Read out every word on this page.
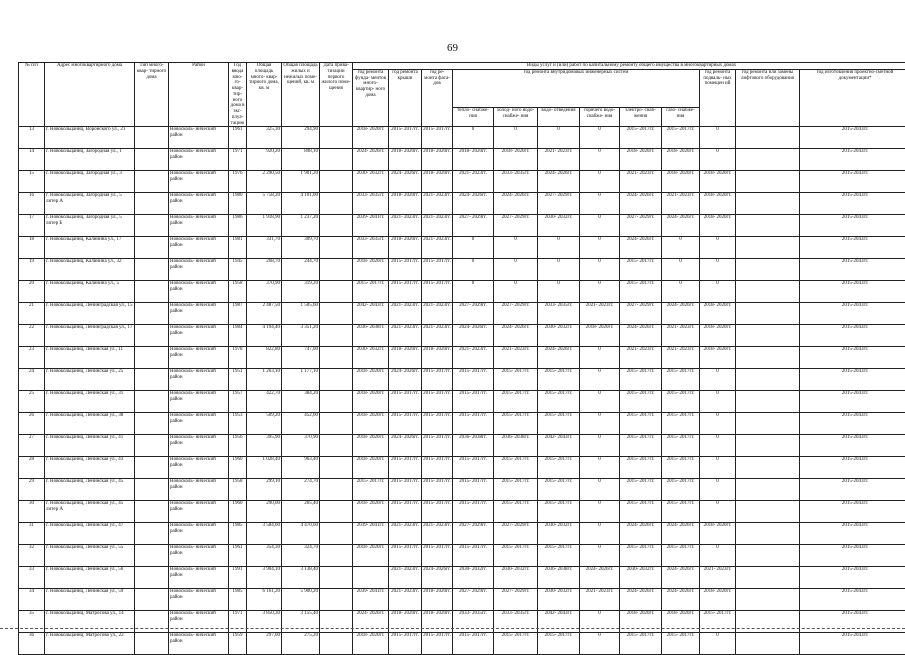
69
№ п/п	Адрес многоквартирного дома	Тип много- квар- тирного дома	Район	Год ввода мно- го- квар- тир- ного дома в экс- плуа- тацию	Общая площадь много- квар- тирного дома, кв. м	Общая площадь жилых и нежилых поме- щений, кв. м	Дата прива- тизации первого жилого поме- щения	Виды услуг и (или) работ по капитальному ремонту общего имущества в многоквартирных домах											
								год ремонта фунда- ментов много- квартир- ного дома	год ремонта крыши	год ре- монта фаса- дов	год ремонта внутридомовых инженерных систем						год ремонта подваль- ных помещен ий	год ремонта или замены лифтового оборудования	год изготовления проектно-сметной документации*
											тепло- снабже- ния	холод- ного водо- снабже- ния	водо- отведения	горячего водо- снабже- ния	электро- снаб- жения	газо- снабже- ния			
13	г. Новокольцаниц, Воронского ул., 21		Новосколь- нический район	1961	325,30	294,90		2018- 2020гг.	2015- 2017гг.	2015- 2017гг.	0	0	0	0	2015- 2017гг.	2015- 2017гг.	0		2015-2043гг.
14	г. Новокольцаниц, Загородная ул., 1		Новосколь- нический район	1971	920,20	898,10		2024- 2026гг.	2018- 2020гг.	2018- 2020гг.	2018- 2020гг.	2018- 2020гг.	2021- 2023гг.	0	2018- 2020гг.	2018- 2020гг.	0		2015-2043гг.
15	г. Новокольцаниц, Загородная ул., 3		Новосколь- нический район	1976	2 290,50	1 901,20		2030- 2032гг.	2024- 2026гг.	2018- 2020гг.	2021- 2023гг.	2033- 2035гг.	2024- 2026гг.	0	2021- 2023гг.	2018- 2020гг.	2018- 2020гг.		2015-2043гг.
16	г. Новокольцаниц, Загородная ул., 5 литер А		Новосколь- нический район	1980	5 758,20	4 101,00		2033- 2035гг.	2018- 2020гг.	2021- 2023гг.	2024- 2026гг.	2024- 2026гг.	2027- 2029гг.	0	2024- 2026гг.	2021- 2023гг.	2018- 2020гг.		2015-2043гг.
17	г. Новокольцаниц, Загородная ул., 5 литер Б		Новосколь- нический район	1986	1 918,90	1 237,20		2039- 2041гг.	2021- 2023гг.	2021- 2023гг.	2027- 2029гг.	2027- 2029гг.	2030- 2032гг.	0	2027- 2029гг.	2024- 2026гг.	2018- 2020гг.		2015-2043гг.
18	г. Новокольцаниц, Калинина ул., 17		Новосколь- нический район	1981	331,70	309,70		2033- 2035гг.	2018- 2020гг.	2021- 2023гг.	0	0	0	0	2024- 2026гг.	0	0		2015-2043гг.
19	г. Новокольцаниц, Калинина ул., 32		Новосколь- нический район	1945	268,70	244,70		2018- 2020гг.	2015- 2017гг.	2015- 2017гг.	0	0	0	0	2015- 2017гг.	0	0		2015-2043гг.
20	г. Новокольцаниц, Калинина ул., 5		Новосколь- нический район	1958	370,90	319,20		2015- 2017гг.	2015- 2017гг.	2015- 2017гг.	0	0	0	0	2015- 2017гг.	0	0		2015-2043гг.
21	г. Новокольцаниц, Ленинградская ул., 15		Новосколь- нический район	1987	2 487,50	1 505,60		2042- 2043гг.	2021- 2023гг.	2021- 2023гг.	2027- 2029гг.	2027- 2029гг.	2033- 2035гг.	2021- 2023гг.	2027- 2029гг.	2024- 2026гг.	2018- 2020гг.		2015-2043гг.
22	г. Новокольцаниц, Ленинградская ул., 17		Новосколь- нический район	1984	4 194,40	3 351,20		2036- 2038гг.	2021- 2023гг.	2021- 2023гг.	2024- 2026гг.	2024- 2026гг.	2030- 2032гг.	2018- 2020гг.	2024- 2026гг.	2021- 2023гг.	2018- 2020гг.		2015-2043гг.
23	г. Новокольцаниц, Ленинская ул., 11		Новосколь- нический район	1978	822,80	747,00		2030- 2032гг.	2018- 2020гг.	2018- 2020гг.	2021- 2023гг.	2021- 2023гг.	2024- 2026гг.	0	2021- 2023гг.	2021- 2023гг.	2018- 2020гг.		2015-2043гг.
24	г. Новокольцаниц, Ленинская ул., 25		Новосколь- нический район	1951	1 263,10	1 177,10		2018- 2020гг.	2024- 2026гг.	2015- 2017гг.	2015- 2017гг.	2015- 2017гг.	2015- 2017гг.	0	2015- 2017гг.	2015- 2017гг.	0		2015-2043гг.
25	г. Новокольцаниц, Ленинская ул., 31		Новосколь- нический район	1957	422,70	384,20		2018- 2020гг.	2015- 2017гг.	2015- 2017гг.	2015- 2017гг.	2015- 2017гг.	2015- 2017гг.	0	2015- 2017гг.	2015- 2017гг.	0		2015-2043гг.
26	г. Новокольцаниц, Ленинская ул., 38		Новосколь- нический район	1953	509,20	452,00		2018- 2020гг.	2015- 2017гг.	2015- 2017гг.	2015- 2017гг.	2015- 2017гг.	2015- 2017гг.	0	2015- 2017гг.	2015- 2017гг.	0		2015-2043гг.
27	г. Новокольцаниц, Ленинская ул., 41		Новосколь- нический район	1956	395,90	370,90		2018- 2020гг.	2024- 2026гг.	2015- 2017гг.	2036- 2038гг.	2036- 2038гг.	2042- 2043гг.	0	2015- 2017гг.	2015- 2017гг.	0		2015-2043гг.
28	г. Новокольцаниц, Ленинская ул., 43		Новосколь- нический район	1960	1 028,40	963,40		2018- 2020гг.	2015- 2017гг.	2015- 2017гг.	2015- 2017гг.	2015- 2017гг.	2015- 2017гг.	0	2015- 2017гг.	2015- 2017гг.	0		2015-2043гг.
29	г. Новокольцаниц, Ленинская ул., 45		Новосколь- нический район	1958	299,10	274,70		2015- 2017гг.	2015- 2017гг.	2015- 2017гг.	2015- 2017гг.	2015- 2017гг.	2015- 2017гг.	0	2015- 2017гг.	2015- 2017гг.	0		2015-2043гг.
30	г. Новокольцаниц, Ленинская ул., 45 литер А		Новосколь- нический район	1960	290,00	265,40		2018- 2020гг.	2015- 2017гг.	2015- 2017гг.	2015- 2017гг.	2015- 2017гг.	2015- 2017гг.	0	2015- 2017гг.	2015- 2017гг.	0		2015-2043гг.
31	г. Новокольцаниц, Ленинская ул., 47		Новосколь- нический район	1985	3 584,60	4 470,60		2039- 2041гг.	2021- 2023гг.	2021- 2023гг.	2027- 2029гг.	2027- 2029гг.	2030- 2032гг.	0	2024- 2026гг.	2024- 2026гг.	2018- 2020гг.		2015-2043гг.
32	г. Новокольцаниц, Ленинская ул., 55		Новосколь- нический район	1961	354,30	324,70		2018- 2020гг.	2015- 2017гг.	2015- 2017гг.	2015- 2017гг.	2015- 2017гг.	2015- 2017гг.	0	2015- 2017гг.	2015- 2017гг.	0		2015-2043гг.
33	г. Новокольцаниц, Ленинская ул., 56		Новосколь- нический район	1991	3 904,10	3 138,40			2021- 2023гг.	2024- 2026гг.	2030- 2032гг.	2030- 2032гг.	2036- 2038гг.	2024- 2026гг.	2030- 2032гг.	2024- 2026гг.	2021- 2023гг.		2015-2043гг.
34	г. Новокольцаниц, Ленинская ул., 59		Новосколь- нический район	1985	6 161,20	5 900,20		2039- 2041гг.	2021- 2023гг.	2018- 2020гг.	2027- 2029гг.	2027- 2029гг.	2030- 2032гг.	2021- 2023гг.	2024- 2026гг.	2024- 2026гг.	2018- 2020гг.		2015-2043гг.
35	г. Новокольцаниц, Матросова ул., 14		Новосколь- нический район	1971	3 850,30	3 155,40		2024- 2026гг.	2018- 2020гг.	2018- 2020гг.	2033- 2035гг.	2033- 2035гг.	2042- 2043гг.	0	2018- 2020гг.	2018- 2020гг.	2015- 2017гг.		2015-2043гг.
36	г. Новокольцаниц, Матросова ул., 22		Новосколь- нический район	1959	297,00	275,20		2018- 2020гг.	2015- 2017гг.	2015- 2017гг.	2015- 2017гг.	2015- 2017гг.	2015- 2017гг.	0	2015- 2017гг.	2015- 2017гг.	0		2015-2043гг.
